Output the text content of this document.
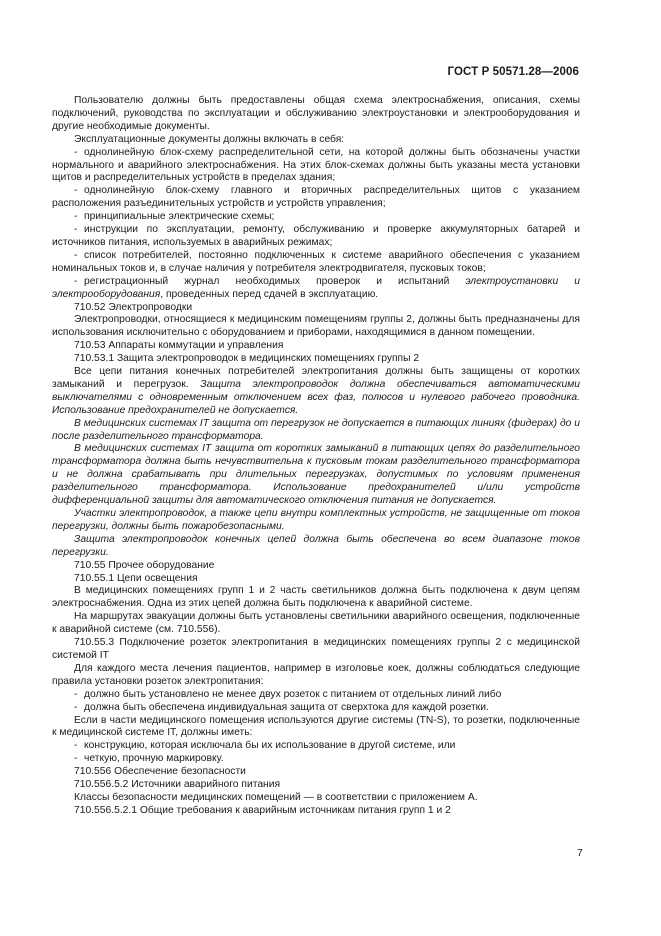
ГОСТ Р 50571.28—2006

Пользователю должны быть предоставлены общая схема электроснабжения, описания, схемы подключений, руководства по эксплуатации и обслуживанию электроустановки и электрооборудования и другие необходимые документы.

Эксплуатационные документы должны включать в себя:

- однолинейную блок-схему распределительной сети, на которой должны быть обозначены участки нормального и аварийного электроснабжения. На этих блок-схемах должны быть указаны места установки щитов и распределительных устройств в пределах здания;

- однолинейную блок-схему главного и вторичных распределительных щитов с указанием расположения разъединительных устройств и устройств управления;

- принципиальные электрические схемы;

- инструкции по эксплуатации, ремонту, обслуживанию и проверке аккумуляторных батарей и источников питания, используемых в аварийных режимах;

- список потребителей, постоянно подключенных к системе аварийного обеспечения с указанием номинальных токов и, в случае наличия у потребителя электродвигателя, пусковых токов;

- регистрационный журнал необходимых проверок и испытаний электроустановки и электрооборудования, проведенных перед сдачей в эксплуатацию.

710.52 Электропроводки

Электропроводки, относящиеся к медицинским помещениям группы 2, должны быть предназначены для использования исключительно с оборудованием и приборами, находящимися в данном помещении.

710.53 Аппараты коммутации и управления

710.53.1 Защита электропроводок в медицинских помещениях группы 2

Все цепи питания конечных потребителей электропитания должны быть защищены от коротких замыканий и перегрузок. Защита электропроводок должна обеспечиваться автоматическими выключателями с одновременным отключением всех фаз, полюсов и нулевого рабочего проводника. Использование предохранителей не допускается.

В медицинских системах IT защита от перегрузок не допускается в питающих линиях (фидерах) до и после разделительного трансформатора.

В медицинских системах IT защита от коротких замыканий в питающих цепях до разделительного трансформатора должна быть нечувствительна к пусковым токам разделительного трансформатора и не должна срабатывать при длительных перегрузках, допустимых по условиям применения разделительного трансформатора. Использование предохранителей и/или устройств дифференциальной защиты для автоматического отключения питания не допускается.

Участки электропроводок, а также цепи внутри комплектных устройств, не защищенные от токов перегрузки, должны быть пожаробезопасными.

Защита электропроводок конечных цепей должна быть обеспечена во всем диапазоне токов перегрузки.

710.55 Прочее оборудование

710.55.1 Цепи освещения

В медицинских помещениях групп 1 и 2 часть светильников должна быть подключена к двум цепям электроснабжения. Одна из этих цепей должна быть подключена к аварийной системе.

На маршрутах эвакуации должны быть установлены светильники аварийного освещения, подключенные к аварийной системе (см. 710.556).

710.55.3 Подключение розеток электропитания в медицинских помещениях группы 2 с медицинской системой IT

Для каждого места лечения пациентов, например в изголовье коек, должны соблюдаться следующие правила установки розеток электропитания:

- должно быть установлено не менее двух розеток с питанием от отдельных линий либо

- должна быть обеспечена индивидуальная защита от сверхтока для каждой розетки.

Если в части медицинского помещения используются другие системы (TN-S), то розетки, подключенные к медицинской системе IT, должны иметь:

- конструкцию, которая исключала бы их использование в другой системе, или

- четкую, прочную маркировку.

710.556 Обеспечение безопасности

710.556.5.2 Источники аварийного питания

Классы безопасности медицинских помещений — в соответствии с приложением А.

710.556.5.2.1 Общие требования к аварийным источникам питания групп 1 и 2

7
